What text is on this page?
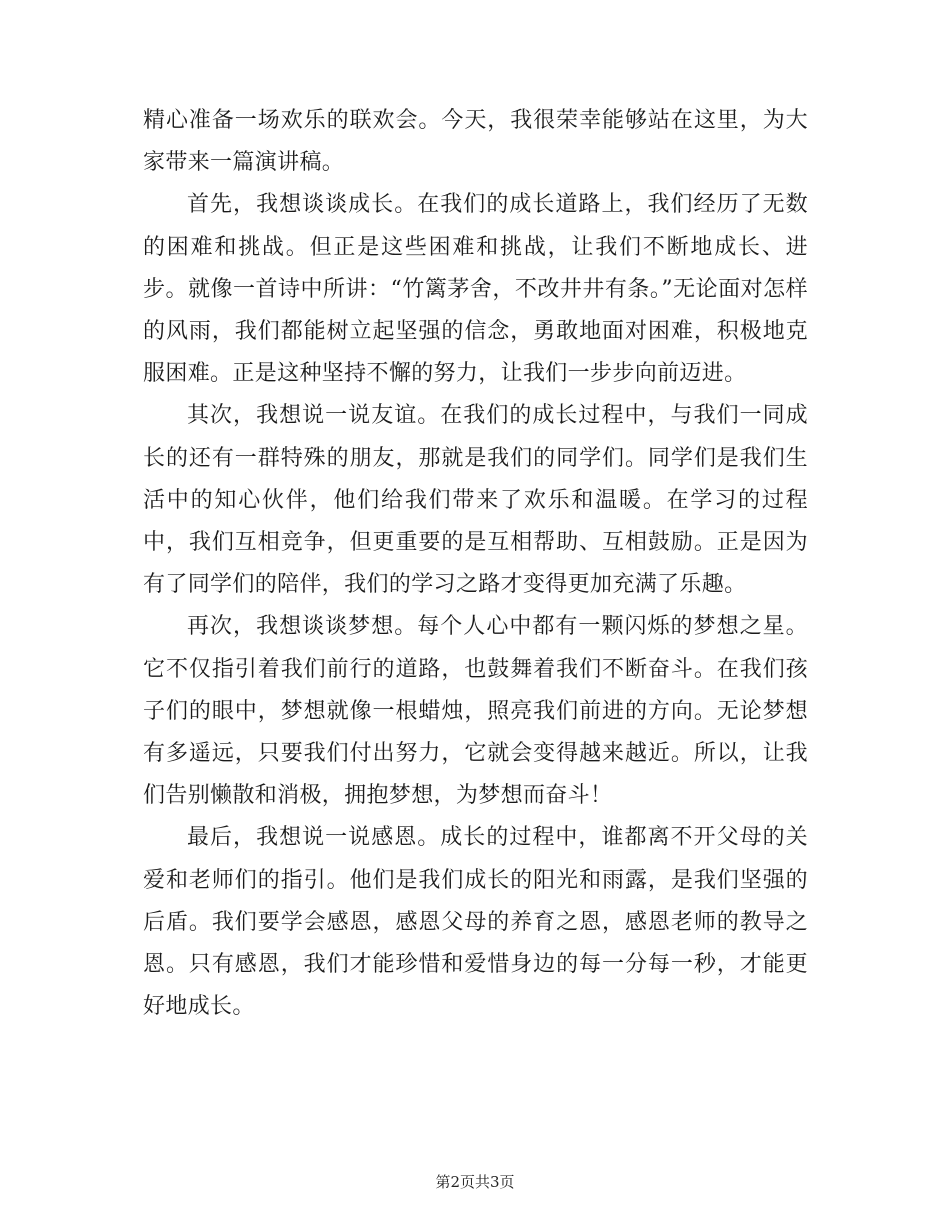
精心准备一场欢乐的联欢会。今天，我很荣幸能够站在这里，为大家带来一篇演讲稿。

首先，我想谈谈成长。在我们的成长道路上，我们经历了无数的困难和挑战。但正是这些困难和挑战，让我们不断地成长、进步。就像一首诗中所讲：“竹篱茅舍，不改井井有条。”无论面对怎样的风雨，我们都能树立起坚强的信念，勇敢地面对困难，积极地克服困难。正是这种坚持不懈的努力，让我们一步步向前迈进。

其次，我想说一说友谊。在我们的成长过程中，与我们一同成长的还有一群特殊的朋友，那就是我们的同学们。同学们是我们生活中的知心伙伴，他们给我们带来了欢乐和温暖。在学习的过程中，我们互相竞争，但更重要的是互相帮助、互相鼓励。正是因为有了同学们的陪伴，我们的学习之路才变得更加充满了乐趣。

再次，我想谈谈梦想。每个人心中都有一颗闪烁的梦想之星。它不仅指引着我们前行的道路，也鼓舞着我们不断奋斗。在我们孩子们的眼中，梦想就像一根蜡烛，照亮我们前进的方向。无论梦想有多遥远，只要我们付出努力，它就会变得越来越近。所以，让我们告别懒散和消极，拥抱梦想，为梦想而奋斗！

最后，我想说一说感恩。成长的过程中，谁都离不开父母的关爱和老师们的指引。他们是我们成长的阳光和雨露，是我们坚强的后盾。我们要学会感恩，感恩父母的养育之恩，感恩老师的教导之恩。只有感恩，我们才能珍惜和爱惜身边的每一分每一秒，才能更好地成长。

第2页共3页
